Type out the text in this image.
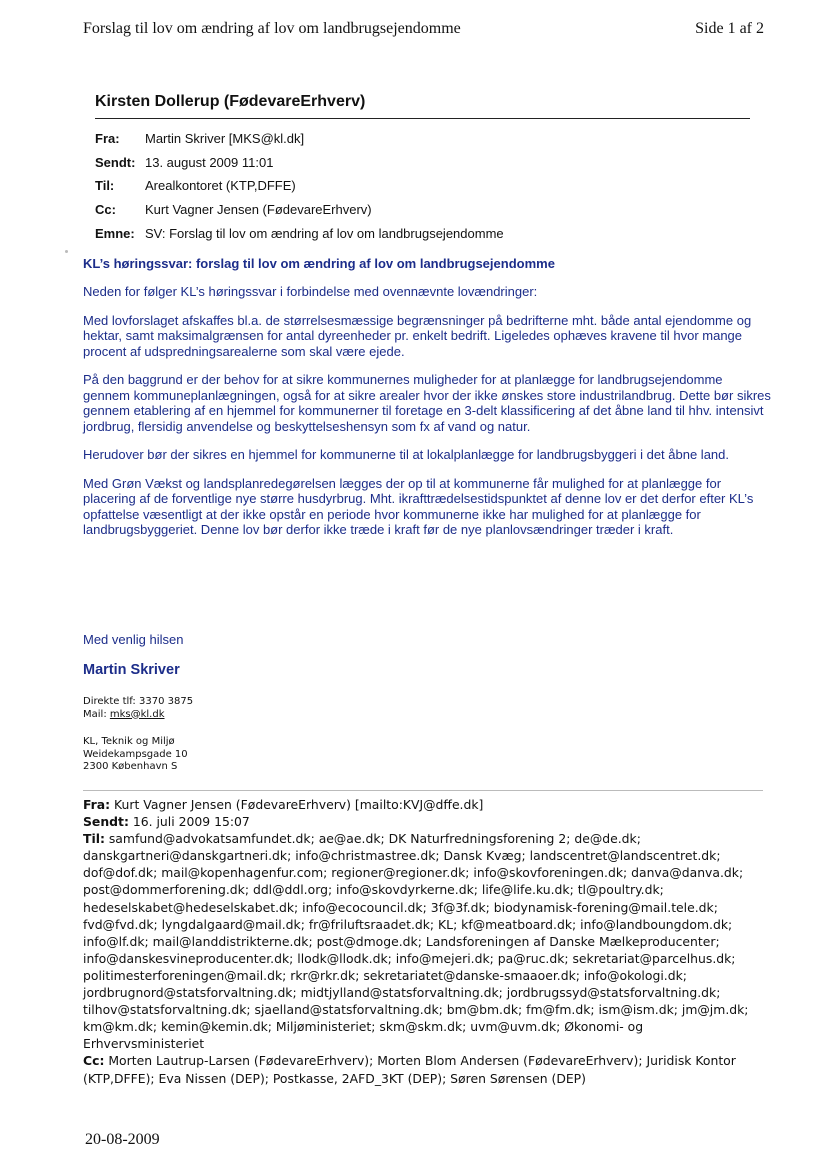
Forslag til lov om ændring af lov om landbrugsejendomme	Side 1 af 2
Kirsten Dollerup (FødevareErhverv)
Fra:	Martin Skriver [MKS@kl.dk]
Sendt: 13. august 2009 11:01
Til:	Arealkontoret (KTP,DFFE)
Cc:	Kurt Vagner Jensen (FødevareErhverv)
Emne: SV: Forslag til lov om ændring af lov om landbrugsejendomme

KL’s høringssvar: forslag til lov om ændring af lov om landbrugsejendomme

Neden for følger KL’s høringssvar i forbindelse med ovennævnte lovændringer:

Med lovforslaget afskaffes bl.a. de størrelsesmæssige begrænsninger på bedrifterne mht. både antal ejendomme og hektar, samt maksimalgrænsen for antal dyreenheder pr. enkelt bedrift. Ligeledes ophæves kravene til hvor mange procent af udspredningsarealerne som skal være ejede.

På den baggrund er der behov for at sikre kommunernes muligheder for at planlægge for landbrugsejendomme gennem kommuneplanlægningen, også for at sikre arealer hvor der ikke ønskes store industrilandbrug. Dette bør sikres gennem etablering af en hjemmel for kommunerner til foretage en 3-delt klassificering af det åbne land til hhv. intensivt jordbrug, flersidig anvendelse og beskyttelseshensyn som fx af vand og natur.

Herudover bør der sikres en hjemmel for kommunerne til at lokalplanlægge for landbrugsbyggeri i det åbne land.

Med Grøn Vækst og landsplanredegørelsen lægges der op til at kommunerne får mulighed for at planlægge for placering af de forventlige nye større husdyrbrug. Mht. ikrafttrædelsestidspunktet af denne lov er det derfor efter KL’s opfattelse væsentligt at der ikke opstår en periode hvor kommunerne ikke har mulighed for at planlægge for landbrugsbyggeriet. Denne lov bør derfor ikke træde i kraft før de nye planlovsændringer træder i kraft.

Med venlig hilsen
Martin Skriver
Direkte tlf: 3370 3875
Mail: mks@kl.dk
KL, Teknik og Miljø
Weidekampsgade 10
2300 København S
Fra: Kurt Vagner Jensen (FødevareErhverv) [mailto:KVJ@dffe.dk]
Sendt: 16. juli 2009 15:07
Til: samfund@advokatsamfundet.dk; ae@ae.dk; DK Naturfredningsforening 2; de@de.dk;
danskgartneri@danskgartneri.dk; info@christmastree.dk; Dansk Kvæg; landscentret@landscentret.dk;
dof@dof.dk; mail@kopenhagenfur.com; regioner@regioner.dk; info@skovforeningen.dk; danva@danva.dk;
post@dommerforening.dk; ddl@ddl.org; info@skovdyrkerne.dk; life@life.ku.dk; tl@poultry.dk;
hedeselskabet@hedeselskabet.dk; info@ecocouncil.dk; 3f@3f.dk; biodynamisk-forening@mail.tele.dk;
fvd@fvd.dk; lyngdalgaard@mail.dk; fr@friluftsraadet.dk; KL; kf@meatboard.dk; info@landboungdom.dk;
info@lf.dk; mail@landdistrikterne.dk; post@dmoge.dk; Landsforeningen af Danske Mælkeproducenter;
info@danskesvineproducenter.dk; llodk@llodk.dk; info@mejeri.dk; pa@ruc.dk; sekretariat@parcelhus.dk;
politimesterforeningen@mail.dk; rkr@rkr.dk; sekretariatet@danske-smaaoer.dk; info@okologi.dk;
jordbrugnord@statsforvaltning.dk; midtjylland@statsforvaltning.dk; jordbrugssyd@statsforvaltning.dk;
tilhov@statsforvaltning.dk; sjaelland@statsforvaltning.dk; bm@bm.dk; fm@fm.dk; ism@ism.dk; jm@jm.dk;
km@km.dk; kemin@kemin.dk; Miljøministeriet; skm@skm.dk; uvm@uvm.dk; Økonomi- og
Erhvervsministeriet
Cc: Morten Lautrup-Larsen (FødevareErhverv); Morten Blom Andersen (FødevareErhverv); Juridisk Kontor
(KTP,DFFE); Eva Nissen (DEP); Postkasse, 2AFD_3KT (DEP); Søren Sørensen (DEP)
20-08-2009
